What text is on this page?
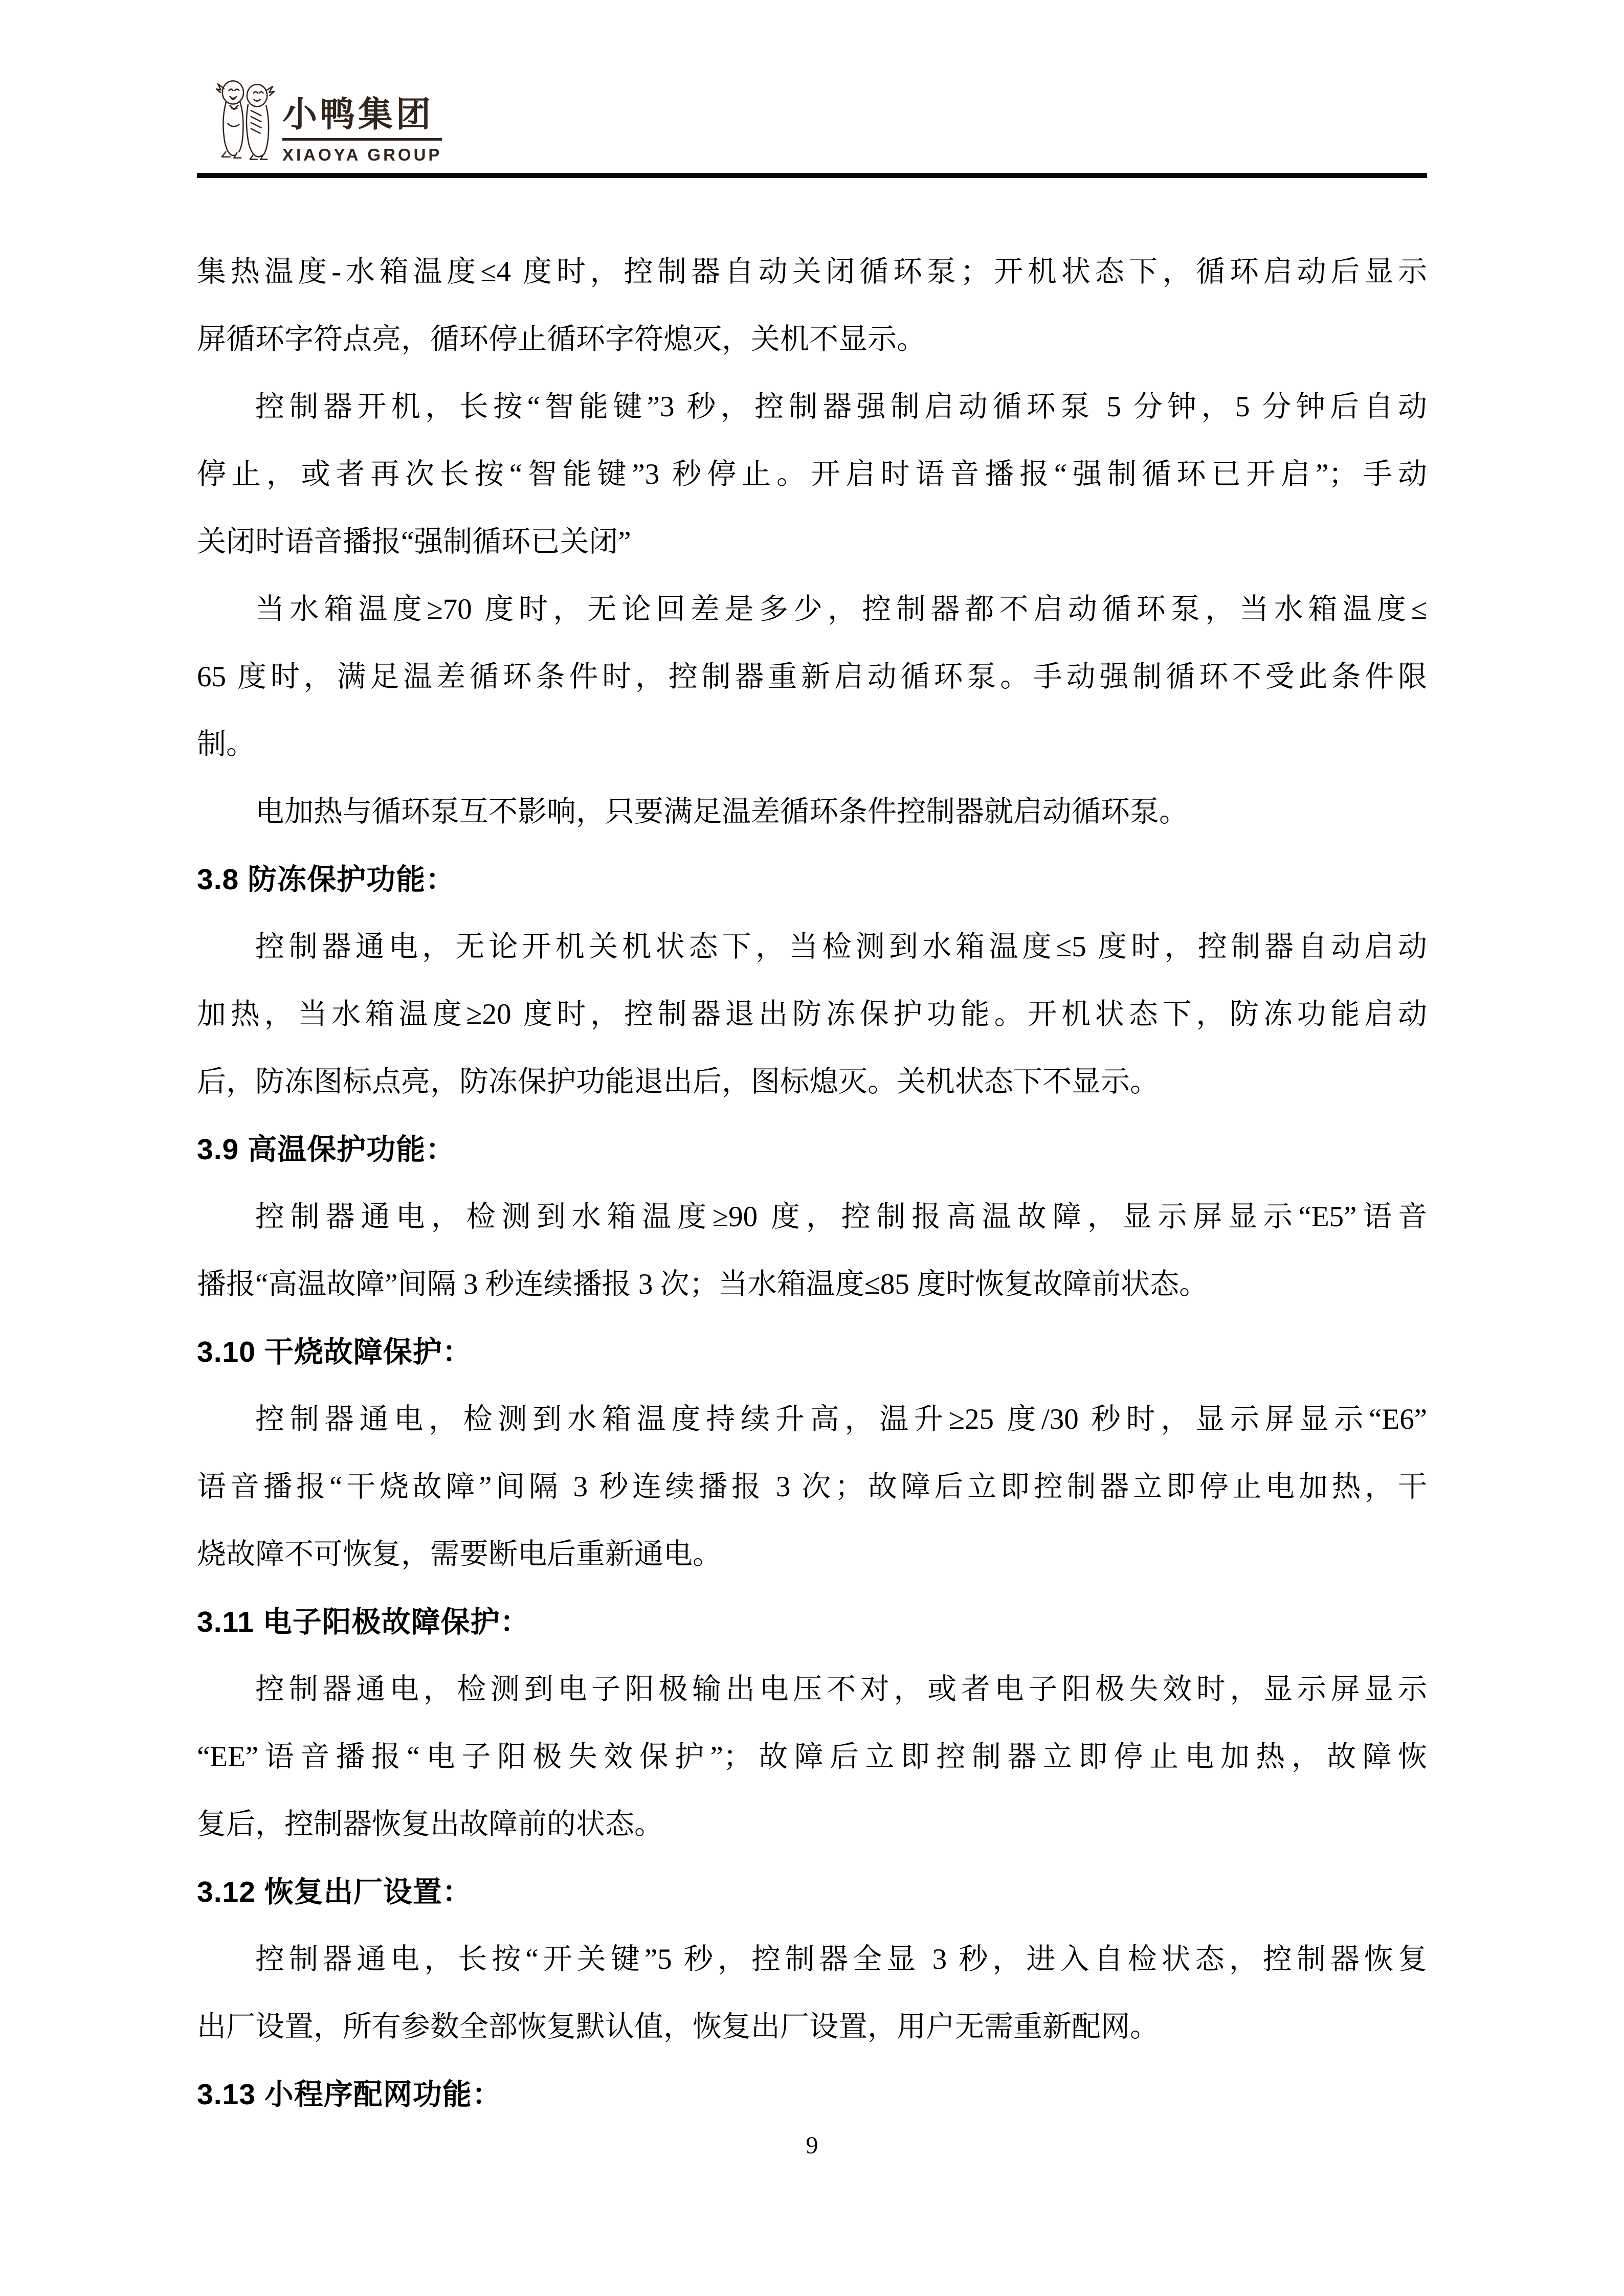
小鸭集团
XIAOYA GROUP

集热温度-水箱温度≤4 度时，控制器自动关闭循环泵；开机状态下，循环启动后显示
屏循环字符点亮，循环停止循环字符熄灭，关机不显示。

控制器开机，长按“智能键”3 秒，控制器强制启动循环泵 5 分钟，5 分钟后自动
停止，或者再次长按“智能键”3 秒停止。开启时语音播报“强制循环已开启”；手动
关闭时语音播报“强制循环已关闭”

当水箱温度≥70 度时，无论回差是多少，控制器都不启动循环泵，当水箱温度≤
65 度时，满足温差循环条件时，控制器重新启动循环泵。手动强制循环不受此条件限
制。

电加热与循环泵互不影响，只要满足温差循环条件控制器就启动循环泵。

3.8 防冻保护功能：

控制器通电，无论开机关机状态下，当检测到水箱温度≤5 度时，控制器自动启动
加热，当水箱温度≥20 度时，控制器退出防冻保护功能。开机状态下，防冻功能启动
后，防冻图标点亮，防冻保护功能退出后，图标熄灭。关机状态下不显示。

3.9 高温保护功能：

控制器通电，检测到水箱温度≥90 度，控制报高温故障，显示屏显示“E5”语音
播报“高温故障”间隔 3 秒连续播报 3 次；当水箱温度≤85 度时恢复故障前状态。

3.10 干烧故障保护：

控制器通电，检测到水箱温度持续升高，温升≥25 度/30 秒时，显示屏显示“E6”
语音播报“干烧故障”间隔 3 秒连续播报 3 次；故障后立即控制器立即停止电加热，干
烧故障不可恢复，需要断电后重新通电。

3.11 电子阳极故障保护：

控制器通电，检测到电子阳极输出电压不对，或者电子阳极失效时，显示屏显示
“EE”语音播报“电子阳极失效保护”；故障后立即控制器立即停止电加热，故障恢
复后，控制器恢复出故障前的状态。

3.12 恢复出厂设置：

控制器通电，长按“开关键”5 秒，控制器全显 3 秒，进入自检状态，控制器恢复
出厂设置，所有参数全部恢复默认值，恢复出厂设置，用户无需重新配网。

3.13 小程序配网功能：
9
